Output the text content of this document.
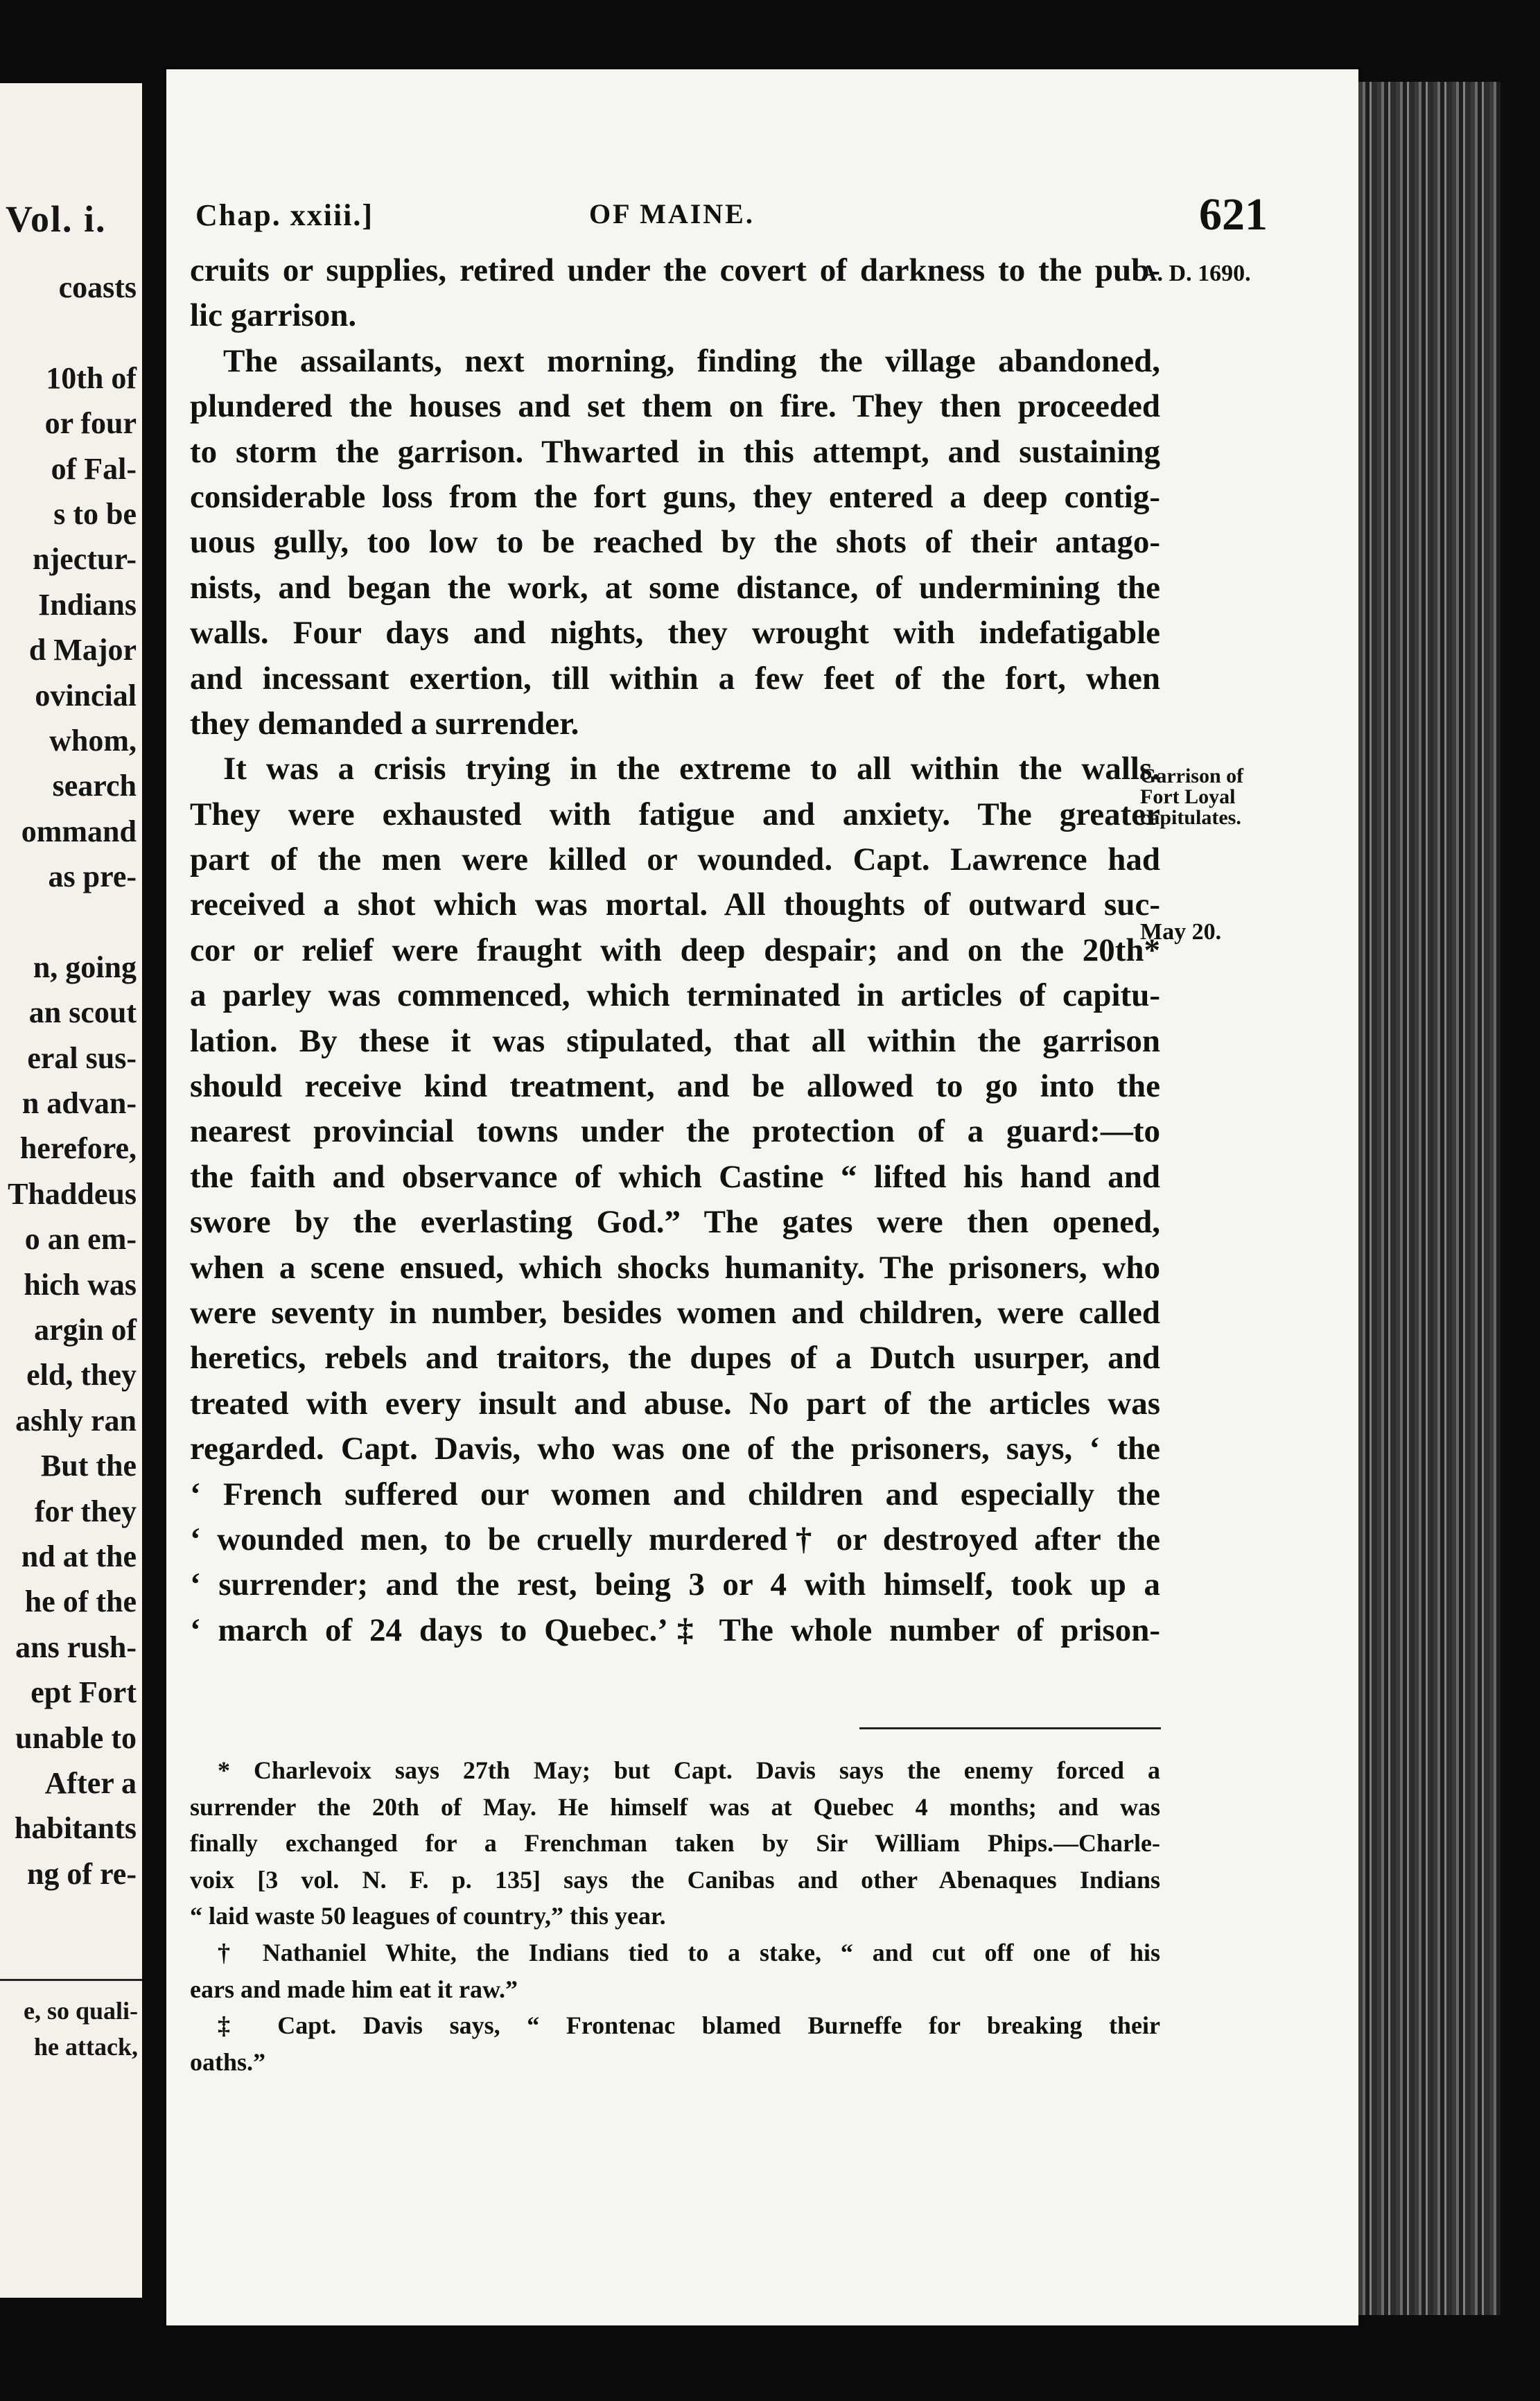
Vol. i.
coasts
10th of
or four
of Fal-
s to be
njectur-
Indians
d Major
ovincial
whom,
search
ommand
as pre-
n, going
an scout
eral sus-
n advan-
herefore,
Thaddeus
o an em-
hich was
argin of
eld, they
ashly ran
But the
for they
nd at the
he of the
ans rush-
ept Fort
unable to
After a
habitants
ng of re-
e, so quali-
he attack,
Chap. xxiii.]	OF MAINE.	621
A. D. 1690.
Garrison of
Fort Loyal
capitulates.
May 20.
cruits or supplies, retired under the covert of darkness to the pub-
lic garrison.
The assailants, next morning, finding the village abandoned,
plundered the houses and set them on fire. They then proceeded
to storm the garrison. Thwarted in this attempt, and sustaining
considerable loss from the fort guns, they entered a deep contig-
uous gully, too low to be reached by the shots of their antago-
nists, and began the work, at some distance, of undermining the
walls. Four days and nights, they wrought with indefatigable
and incessant exertion, till within a few feet of the fort, when
they demanded a surrender.
It was a crisis trying in the extreme to all within the walls.
They were exhausted with fatigue and anxiety. The greater
part of the men were killed or wounded. Capt. Lawrence had
received a shot which was mortal. All thoughts of outward suc-
cor or relief were fraught with deep despair; and on the 20th*
a parley was commenced, which terminated in articles of capitu-
lation. By these it was stipulated, that all within the garrison
should receive kind treatment, and be allowed to go into the
nearest provincial towns under the protection of a guard:—to
the faith and observance of which Castine “ lifted his hand and
swore by the everlasting God.” The gates were then opened,
when a scene ensued, which shocks humanity. The prisoners, who
were seventy in number, besides women and children, were called
heretics, rebels and traitors, the dupes of a Dutch usurper, and
treated with every insult and abuse. No part of the articles was
regarded. Capt. Davis, who was one of the prisoners, says, ‘ the
‘ French suffered our women and children and especially the
‘ wounded men, to be cruelly murdered† or destroyed after the
‘ surrender; and the rest, being 3 or 4 with himself, took up a
‘ march of 24 days to Quebec.’‡ The whole number of prison-
* Charlevoix says 27th May; but Capt. Davis says the enemy forced a
surrender the 20th of May. He himself was at Quebec 4 months; and was
finally exchanged for a Frenchman taken by Sir William Phips.—Charle-
voix [3 vol. N. F. p. 135] says the Canibas and other Abenaques Indians
“ laid waste 50 leagues of country,” this year.
† Nathaniel White, the Indians tied to a stake, “ and cut off one of his
ears and made him eat it raw.”
‡ Capt. Davis says, “ Frontenac blamed Burneffe for breaking their
oaths.”
